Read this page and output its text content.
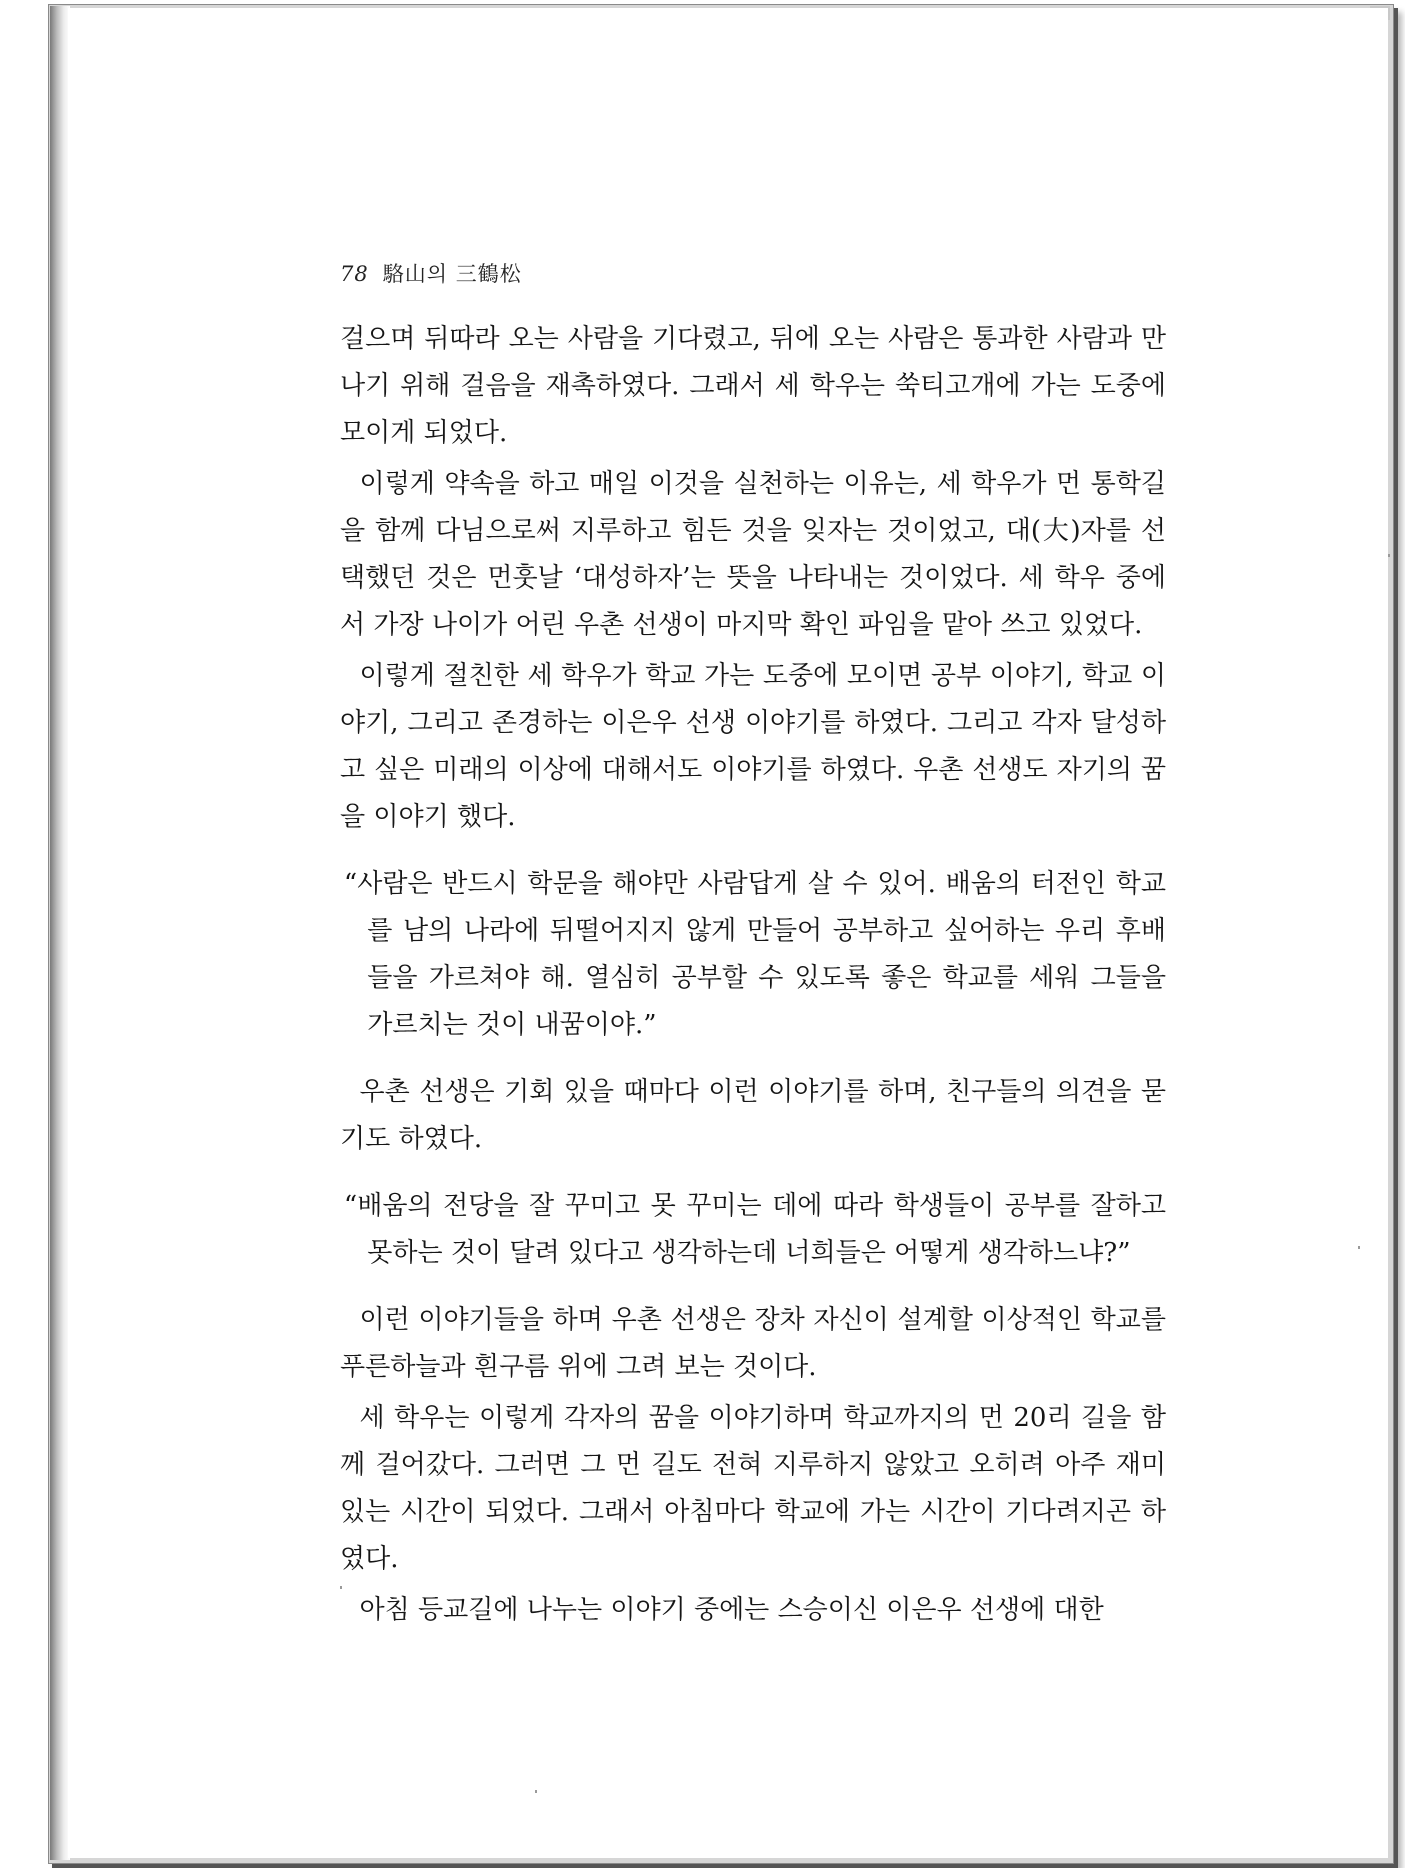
78 駱山의 三鶴松

걸으며 뒤따라 오는 사람을 기다렸고, 뒤에 오는 사람은 통과한 사람과 만나기 위해 걸음을 재촉하였다. 그래서 세 학우는 쑥티고개에 가는 도중에 모이게 되었다.

이렇게 약속을 하고 매일 이것을 실천하는 이유는, 세 학우가 먼 통학길을 함께 다님으로써 지루하고 힘든 것을 잊자는 것이었고, 대(大)자를 선택했던 것은 먼훗날 ‘대성하자’는 뜻을 나타내는 것이었다. 세 학우 중에서 가장 나이가 어린 우촌 선생이 마지막 확인 파임을 맡아 쓰고 있었다.

이렇게 절친한 세 학우가 학교 가는 도중에 모이면 공부 이야기, 학교 이야기, 그리고 존경하는 이은우 선생 이야기를 하였다. 그리고 각자 달성하고 싶은 미래의 이상에 대해서도 이야기를 하였다. 우촌 선생도 자기의 꿈을 이야기 했다.

“사람은 반드시 학문을 해야만 사람답게 살 수 있어. 배움의 터전인 학교를 남의 나라에 뒤떨어지지 않게 만들어 공부하고 싶어하는 우리 후배들을 가르쳐야 해. 열심히 공부할 수 있도록 좋은 학교를 세워 그들을 가르치는 것이 내꿈이야.”

우촌 선생은 기회 있을 때마다 이런 이야기를 하며, 친구들의 의견을 묻기도 하였다.

“배움의 전당을 잘 꾸미고 못 꾸미는 데에 따라 학생들이 공부를 잘하고 못하는 것이 달려 있다고 생각하는데 너희들은 어떻게 생각하느냐?”

이런 이야기들을 하며 우촌 선생은 장차 자신이 설계할 이상적인 학교를 푸른하늘과 흰구름 위에 그려 보는 것이다.

세 학우는 이렇게 각자의 꿈을 이야기하며 학교까지의 먼 20리 길을 함께 걸어갔다. 그러면 그 먼 길도 전혀 지루하지 않았고 오히려 아주 재미있는 시간이 되었다. 그래서 아침마다 학교에 가는 시간이 기다려지곤 하였다.

아침 등교길에 나누는 이야기 중에는 스승이신 이은우 선생에 대한
